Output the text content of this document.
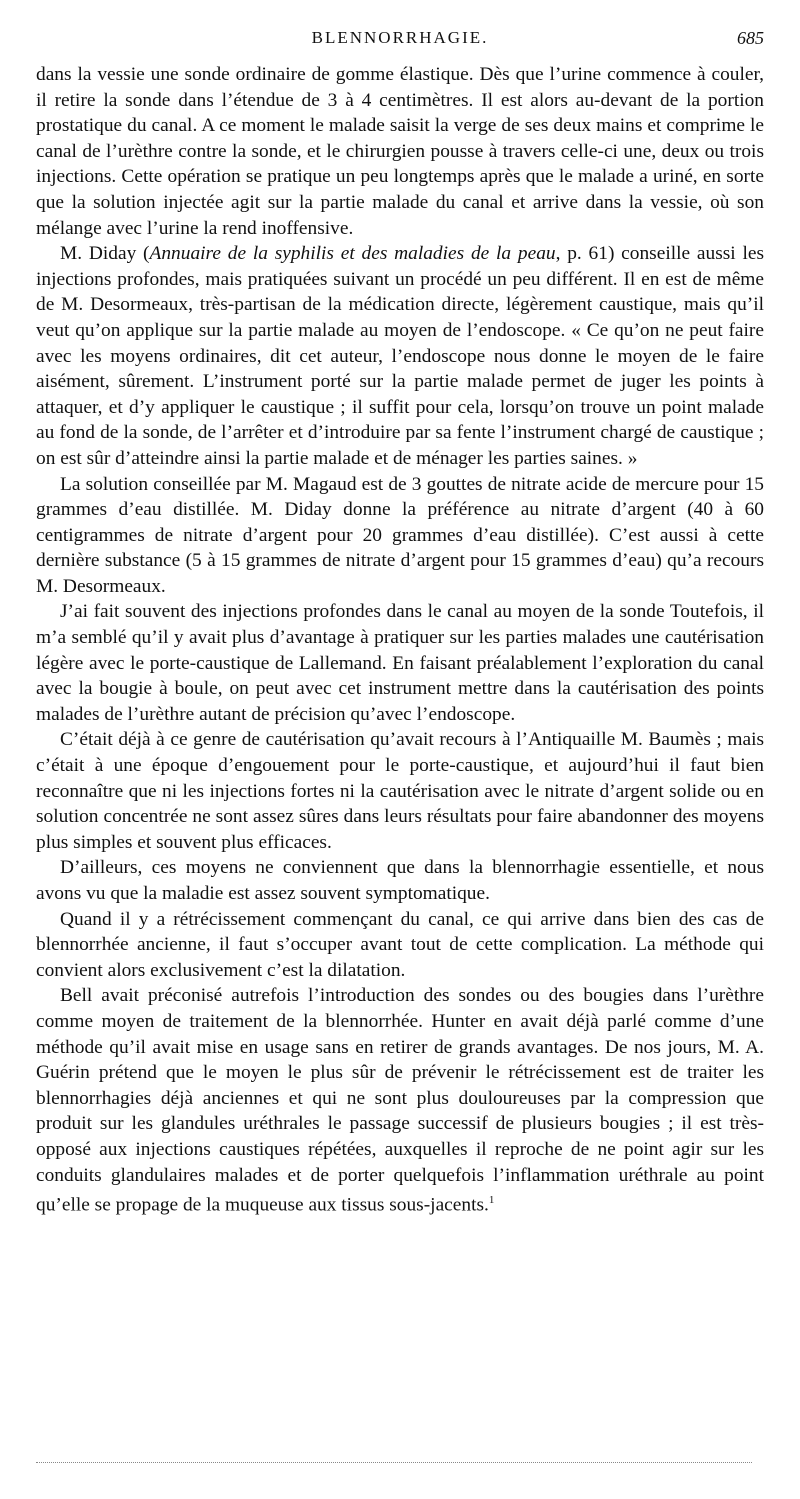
BLENNORRHAGIE.	685

dans la vessie une sonde ordinaire de gomme élastique. Dès que l’urine commence à couler, il retire la sonde dans l’étendue de 3 à 4 centimètres. Il est alors au-devant de la portion prostatique du canal. A ce moment le malade saisit la verge de ses deux mains et comprime le canal de l’urèthre contre la sonde, et le chirurgien pousse à travers celle-ci une, deux ou trois injections. Cette opération se pratique un peu longtemps après que le malade a uriné, en sorte que la solution injectée agit sur la partie malade du canal et arrive dans la vessie, où son mélange avec l’urine la rend inoffensive.

M. Diday (Annuaire de la syphilis et des maladies de la peau, p. 61) conseille aussi les injections profondes, mais pratiquées suivant un procédé un peu différent. Il en est de même de M. Desormeaux, très-partisan de la médication directe, légèrement caustique, mais qu’il veut qu’on applique sur la partie malade au moyen de l’endoscope. « Ce qu’on ne peut faire avec les moyens ordinaires, dit cet auteur, l’endoscope nous donne le moyen de le faire aisément, sûrement. L’instrument porté sur la partie malade permet de juger les points à attaquer, et d’y appliquer le caustique ; il suffit pour cela, lorsqu’on trouve un point malade au fond de la sonde, de l’arrêter et d’introduire par sa fente l’instrument chargé de caustique ; on est sûr d’atteindre ainsi la partie malade et de ménager les parties saines. »

La solution conseillée par M. Magaud est de 3 gouttes de nitrate acide de mercure pour 15 grammes d’eau distillée. M. Diday donne la préférence au nitrate d’argent (40 à 60 centigrammes de nitrate d’argent pour 20 grammes d’eau distillée). C’est aussi à cette dernière substance (5 à 15 grammes de nitrate d’argent pour 15 grammes d’eau) qu’a recours M. Desormeaux.

J’ai fait souvent des injections profondes dans le canal au moyen de la sonde Toutefois, il m’a semblé qu’il y avait plus d’avantage à pratiquer sur les parties malades une cautérisation légère avec le porte-caustique de Lallemand. En faisant préalablement l’exploration du canal avec la bougie à boule, on peut avec cet instrument mettre dans la cautérisation des points malades de l’urèthre autant de précision qu’avec l’endoscope.

C’était déjà à ce genre de cautérisation qu’avait recours à l’Antiquaille M. Baumès ; mais c’était à une époque d’engouement pour le porte-caustique, et aujourd’hui il faut bien reconnaître que ni les injections fortes ni la cautérisation avec le nitrate d’argent solide ou en solution concentrée ne sont assez sûres dans leurs résultats pour faire abandonner des moyens plus simples et souvent plus efficaces.

D’ailleurs, ces moyens ne conviennent que dans la blennorrhagie essentielle, et nous avons vu que la maladie est assez souvent symptomatique.

Quand il y a rétrécissement commençant du canal, ce qui arrive dans bien des cas de blennorrhée ancienne, il faut s’occuper avant tout de cette complication. La méthode qui convient alors exclusivement c’est la dilatation.

Bell avait préconisé autrefois l’introduction des sondes ou des bougies dans l’urèthre comme moyen de traitement de la blennorrhée. Hunter en avait déjà parlé comme d’une méthode qu’il avait mise en usage sans en retirer de grands avantages. De nos jours, M. A. Guérin prétend que le moyen le plus sûr de prévenir le rétrécissement est de traiter les blennorrhagies déjà anciennes et qui ne sont plus douloureuses par la compression que produit sur les glandules uréthrales le passage successif de plusieurs bougies ; il est très-opposé aux injections caustiques répétées, auxquelles il reproche de ne point agir sur les conduits glandulaires malades et de porter quelquefois l’inflammation uréthrale au point qu’elle se propage de la muqueuse aux tissus sous-jacents.$^1$
